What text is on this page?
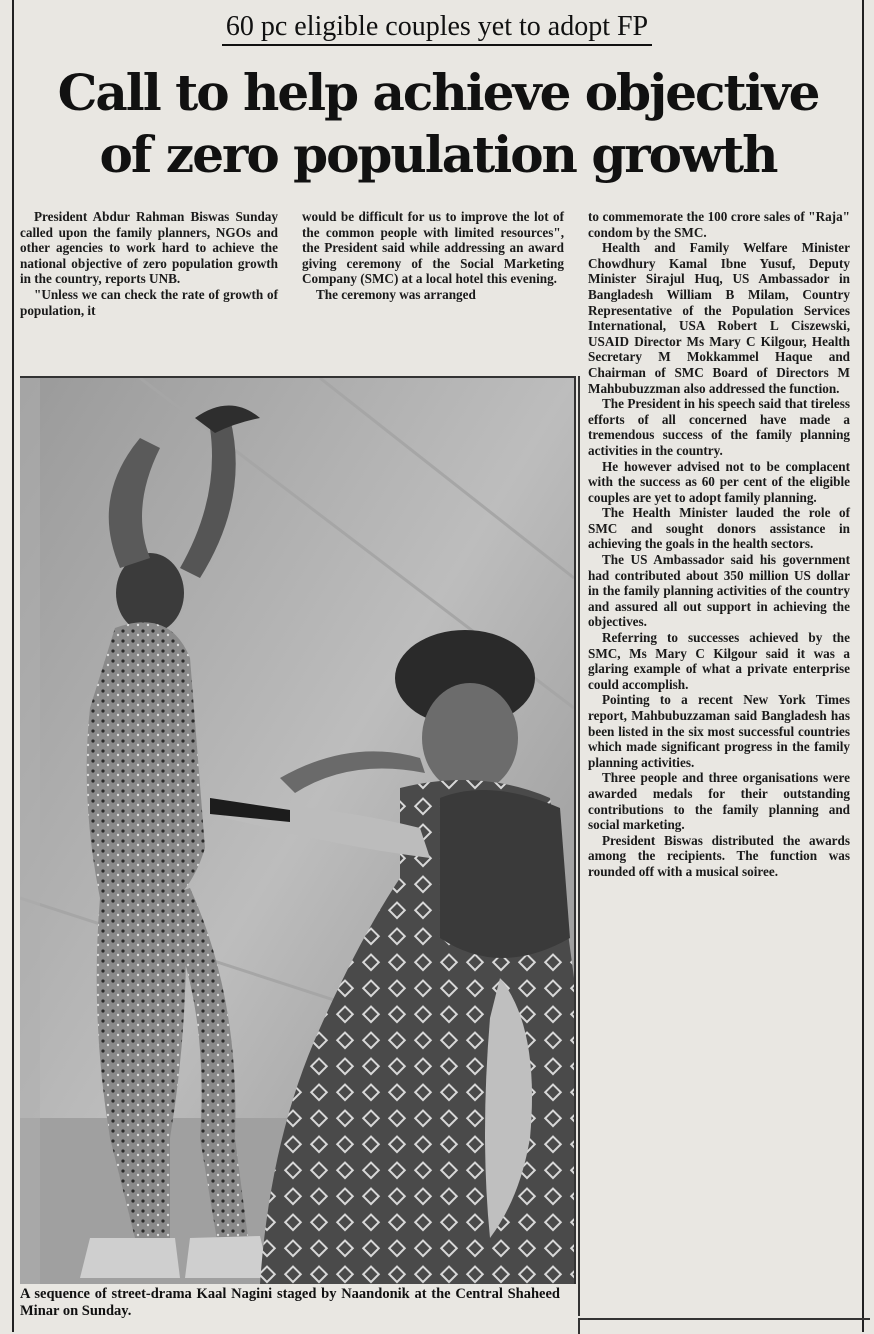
60 pc eligible couples yet to adopt FP
Call to help achieve objective
of zero population growth

President Abdur Rahman Biswas Sunday called upon the family planners, NGOs and other agencies to work hard to achieve the national objective of zero population growth in the country, reports UNB.

"Unless we can check the rate of growth of population, it

would be difficult for us to improve the lot of the common people with limited resources", the President said while addressing an award giving ceremony of the Social Marketing Company (SMC) at a local hotel this evening.

The ceremony was arranged

to commemorate the 100 crore sales of "Raja" condom by the SMC.

Health and Family Welfare Minister Chowdhury Kamal Ibne Yusuf, Deputy Minister Sirajul Huq, US Ambassador in Bangladesh William B Milam, Country Representative of the Population Services International, USA Robert L Ciszewski, USAID Director Ms Mary C Kilgour, Health Secretary M Mokkammel Haque and Chairman of SMC Board of Directors M Mahbubuzzman also addressed the function.

The President in his speech said that tireless efforts of all concerned have made a tremendous success of the family planning activities in the country.

He however advised not to be complacent with the success as 60 per cent of the eligible couples are yet to adopt family planning.

The Health Minister lauded the role of SMC and sought donors assistance in achieving the goals in the health sectors.

The US Ambassador said his government had contributed about 350 million US dollar in the family planning activities of the country and assured all out support in achieving the objectives.

Referring to successes achieved by the SMC, Ms Mary C Kilgour said it was a glaring example of what a private enterprise could accomplish.

Pointing to a recent New York Times report, Mahbubuzzaman said Bangladesh has been listed in the six most successful countries which made significant progress in the family planning activities.

Three people and three organisations were awarded medals for their outstanding contributions to the family planning and social marketing.

President Biswas distributed the awards among the recipients. The function was rounded off with a musical soiree.

A sequence of street-drama Kaal Nagini staged by Naandonik at the Central Shaheed Minar on Sunday.
